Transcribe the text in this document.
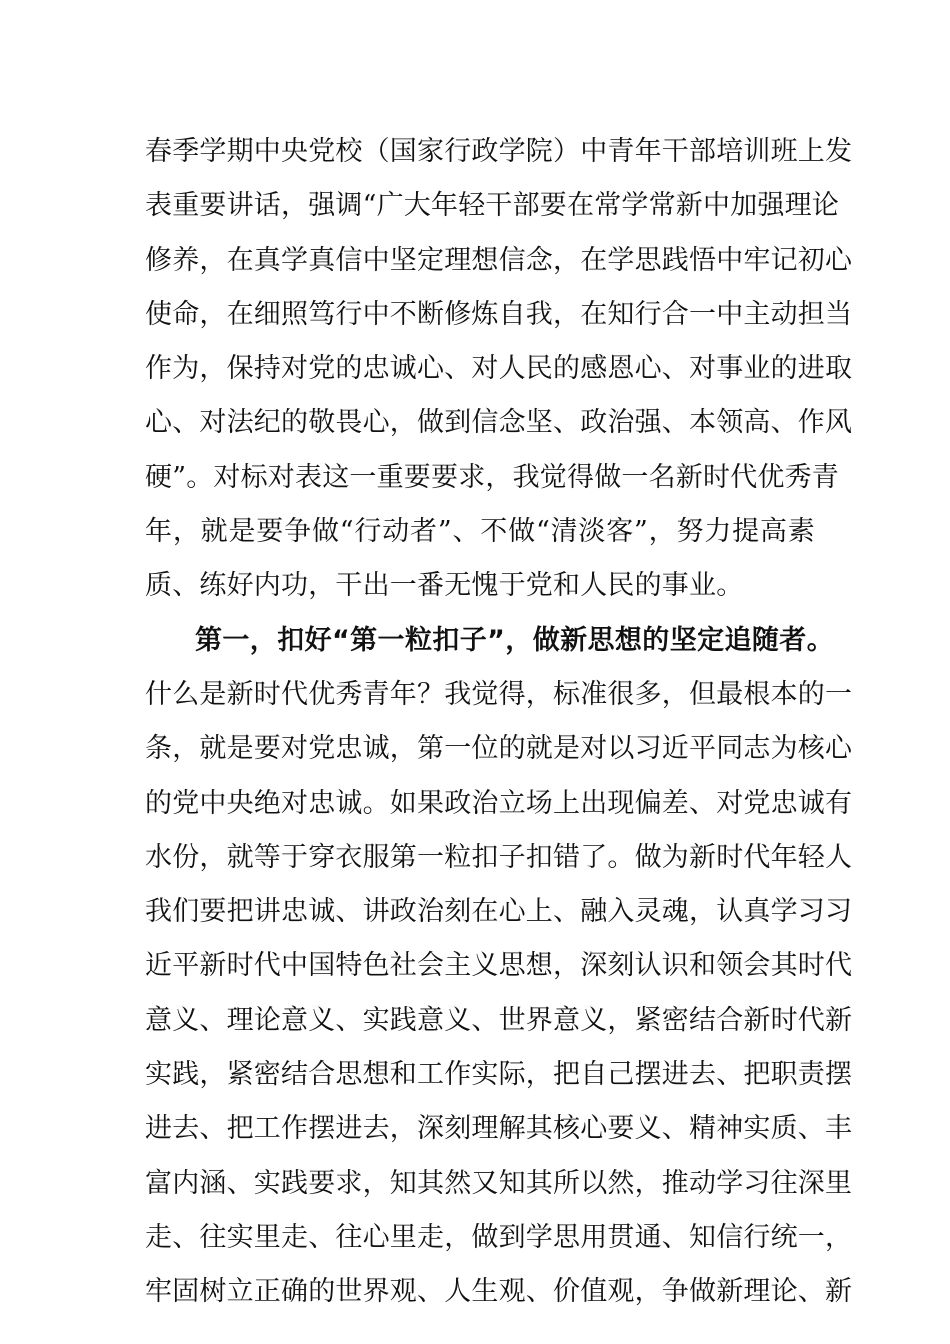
春季学期中央党校（国家行政学院）中青年干部培训班上发
表重要讲话，强调“广大年轻干部要在常学常新中加强理论
修养，在真学真信中坚定理想信念，在学思践悟中牢记初心
使命，在细照笃行中不断修炼自我，在知行合一中主动担当
作为，保持对党的忠诚心、对人民的感恩心、对事业的进取
心、对法纪的敬畏心，做到信念坚、政治强、本领高、作风
硬”。对标对表这一重要要求，我觉得做一名新时代优秀青
年，就是要争做“行动者”、不做“清淡客”，努力提高素
质、练好内功，干出一番无愧于党和人民的事业。
第一，扣好“第一粒扣子”，做新思想的坚定追随者。
什么是新时代优秀青年？我觉得，标准很多，但最根本的一
条，就是要对党忠诚，第一位的就是对以习近平同志为核心
的党中央绝对忠诚。如果政治立场上出现偏差、对党忠诚有
水份，就等于穿衣服第一粒扣子扣错了。做为新时代年轻人
我们要把讲忠诚、讲政治刻在心上、融入灵魂，认真学习习
近平新时代中国特色社会主义思想，深刻认识和领会其时代
意义、理论意义、实践意义、世界意义，紧密结合新时代新
实践，紧密结合思想和工作实际，把自己摆进去、把职责摆
进去、把工作摆进去，深刻理解其核心要义、精神实质、丰
富内涵、实践要求，知其然又知其所以然，推动学习往深里
走、往实里走、往心里走，做到学思用贯通、知信行统一，
牢固树立正确的世界观、人生观、价值观，争做新理论、新
